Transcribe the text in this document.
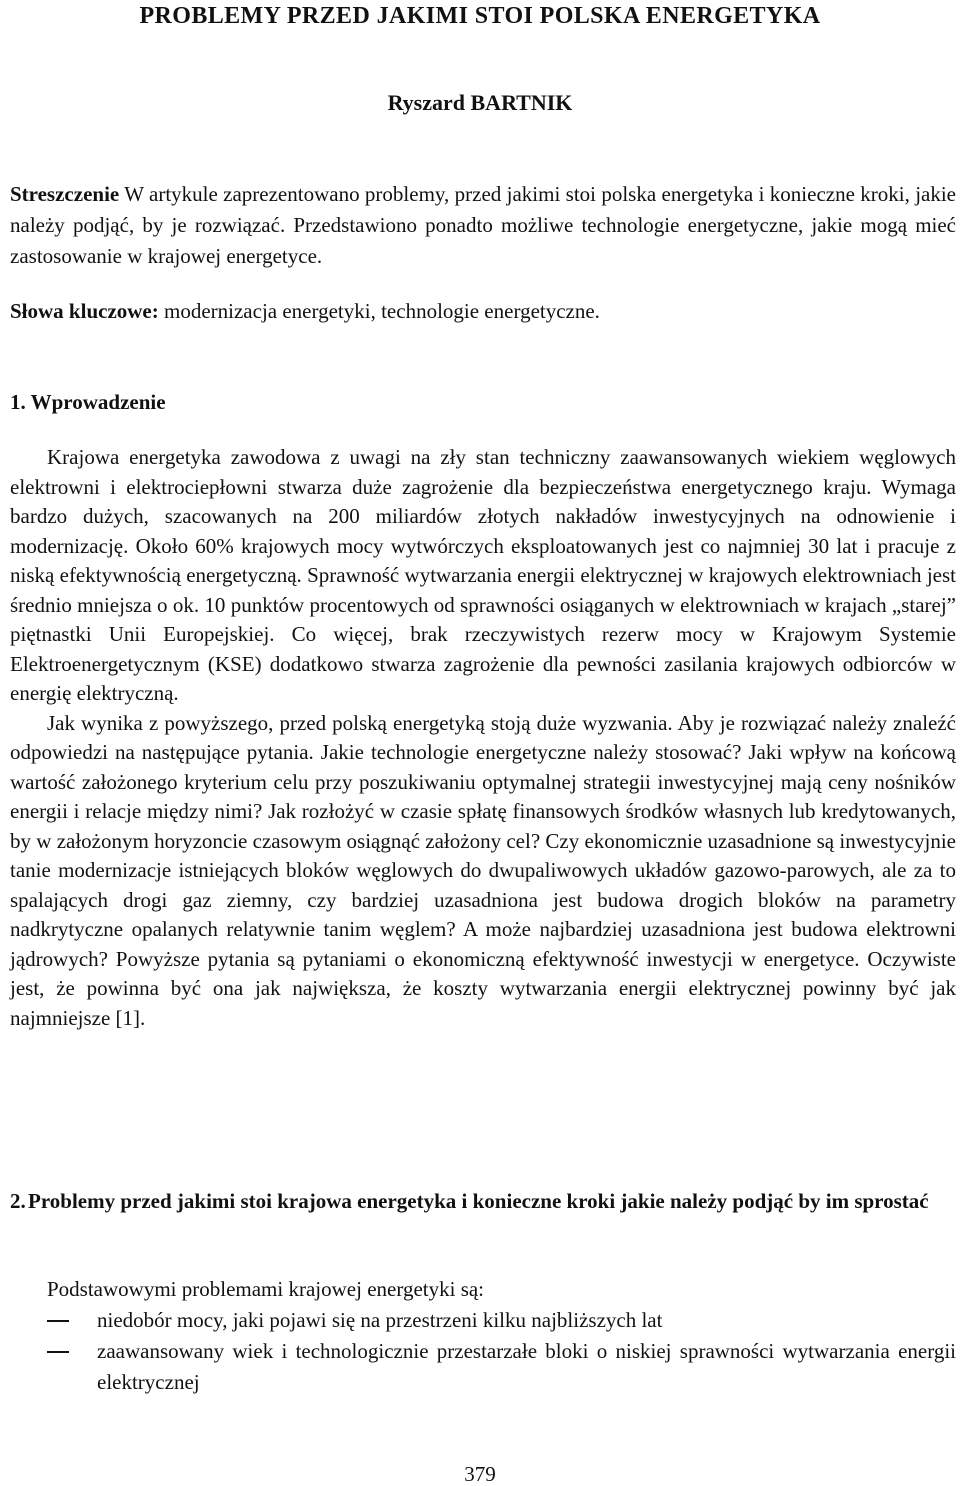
PROBLEMY PRZED JAKIMI STOI POLSKA ENERGETYKA
Ryszard BARTNIK

Streszczenie W artykule zaprezentowano problemy, przed jakimi stoi polska energetyka i konieczne kroki, jakie należy podjąć, by je rozwiązać. Przedstawiono ponadto możliwe technologie energetyczne, jakie mogą mieć zastosowanie w krajowej energetyce.

Słowa kluczowe: modernizacja energetyki, technologie energetyczne.

1. Wprowadzenie

Krajowa energetyka zawodowa z uwagi na zły stan techniczny zaawansowanych wiekiem węglowych elektrowni i elektrociepłowni stwarza duże zagrożenie dla bezpieczeństwa energetycznego kraju. Wymaga bardzo dużych, szacowanych na 200 miliardów złotych nakładów inwestycyjnych na odnowienie i modernizację. Około 60% krajowych mocy wytwórczych eksploatowanych jest co najmniej 30 lat i pracuje z niską efektywnością energetyczną. Sprawność wytwarzania energii elektrycznej w krajowych elektrowniach jest średnio mniejsza o ok. 10 punktów procentowych od sprawności osiąganych w elektrowniach w krajach „starej” piętnastki Unii Europejskiej. Co więcej, brak rzeczywistych rezerw mocy w Krajowym Systemie Elektroenergetycznym (KSE) dodatkowo stwarza zagrożenie dla pewności zasilania krajowych odbiorców w energię elektryczną.

Jak wynika z powyższego, przed polską energetyką stoją duże wyzwania. Aby je rozwiązać należy znaleźć odpowiedzi na następujące pytania. Jakie technologie energetyczne należy stosować? Jaki wpływ na końcową wartość założonego kryterium celu przy poszukiwaniu optymalnej strategii inwestycyjnej mają ceny nośników energii i relacje między nimi? Jak rozłożyć w czasie spłatę finansowych środków własnych lub kredytowanych, by w założonym horyzoncie czasowym osiągnąć założony cel? Czy ekonomicznie uzasadnione są inwestycyjnie tanie modernizacje istniejących bloków węglowych do dwupaliwowych układów gazowo-parowych, ale za to spalających drogi gaz ziemny, czy bardziej uzasadniona jest budowa drogich bloków na parametry nadkrytyczne opalanych relatywnie tanim węglem? A może najbardziej uzasadniona jest budowa elektrowni jądrowych? Powyższe pytania są pytaniami o ekonomiczną efektywność inwestycji w energetyce. Oczywiste jest, że powinna być ona jak największa, że koszty wytwarzania energii elektrycznej powinny być jak najmniejsze [1].

2. Problemy przed jakimi stoi krajowa energetyka i konieczne kroki jakie należy podjąć by im sprostać

Podstawowymi problemami krajowej energetyki są:

niedobór mocy, jaki pojawi się na przestrzeni kilku najbliższych lat
zaawansowany wiek i technologicznie przestarzałe bloki o niskiej sprawności wytwarzania energii elektrycznej
379
